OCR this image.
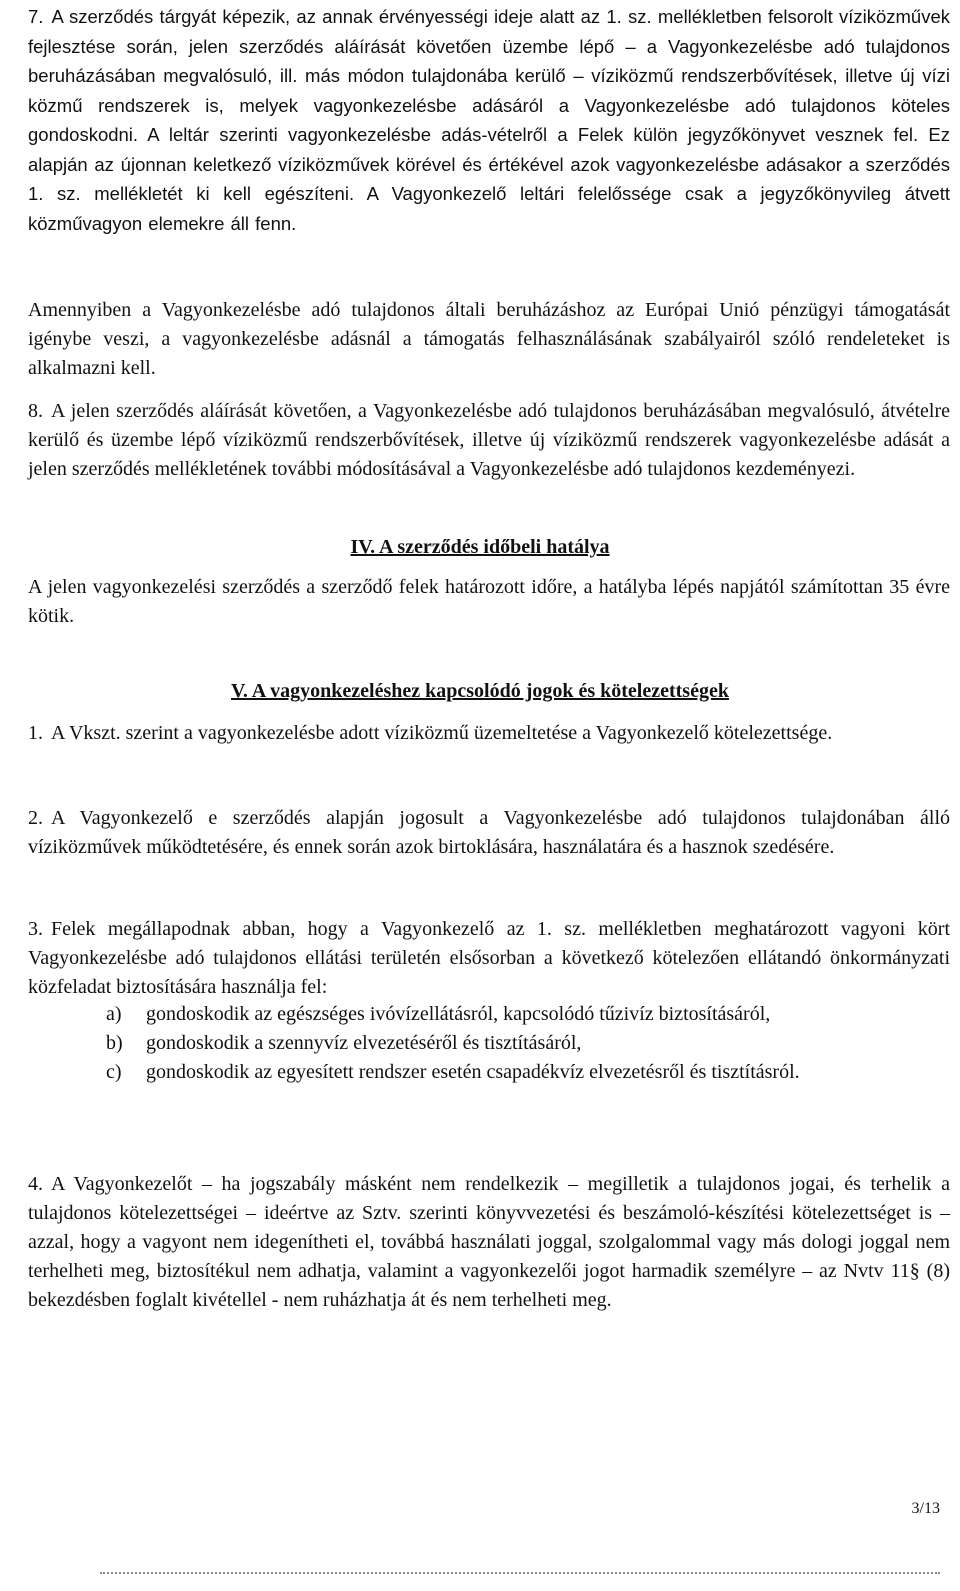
7. A szerződés tárgyát képezik, az annak érvényességi ideje alatt az 1. sz. mellékletben felsorolt víziközművek fejlesztése során, jelen szerződés aláírását követően üzembe lépő – a Vagyonkezelésbe adó tulajdonos beruházásában megvalósuló, ill. más módon tulajdonába kerülő – víziközmű rendszerbővítések, illetve új vízi közmű rendszerek is, melyek vagyonkezelésbe adásáról a Vagyonkezelésbe adó tulajdonos köteles gondoskodni. A leltár szerinti vagyonkezelésbe adás-vételről a Felek külön jegyzőkönyvet vesznek fel. Ez alapján az újonnan keletkező víziközművek körével és értékével azok vagyonkezelésbe adásakor a szerződés 1. sz. mellékletét ki kell egészíteni. A Vagyonkezelő leltári felelőssége csak a jegyzőkönyvileg átvett közművagyon elemekre áll fenn.

Amennyiben a Vagyonkezelésbe adó tulajdonos általi beruházáshoz az Európai Unió pénzügyi támogatását igénybe veszi, a vagyonkezelésbe adásnál a támogatás felhasználásának szabályairól szóló rendeleteket is alkalmazni kell.

8. A jelen szerződés aláírását követően, a Vagyonkezelésbe adó tulajdonos beruházásában megvalósuló, átvételre kerülő és üzembe lépő víziközmű rendszerbővítések, illetve új víziközmű rendszerek vagyonkezelésbe adását a jelen szerződés mellékletének további módosításával a Vagyonkezelésbe adó tulajdonos kezdeményezi.

IV. A szerződés időbeli hatálya

A jelen vagyonkezelési szerződés a szerződő felek határozott időre, a hatályba lépés napjától számítottan 35 évre kötik.

V. A vagyonkezeléshez kapcsolódó jogok és kötelezettségek

1. A Vkszt. szerint a vagyonkezelésbe adott víziközmű üzemeltetése a Vagyonkezelő kötelezettsége.

2. A Vagyonkezelő e szerződés alapján jogosult a Vagyonkezelésbe adó tulajdonos tulajdonában álló víziközművek működtetésére, és ennek során azok birtoklására, használatára és a hasznok szedésére.

3. Felek megállapodnak abban, hogy a Vagyonkezelő az 1. sz. mellékletben meghatározott vagyoni kört Vagyonkezelésbe adó tulajdonos ellátási területén elsősorban a következő kötelezően ellátandó önkormányzati közfeladat biztosítására használja fel:

a) gondoskodik az egészséges ivóvízellátásról, kapcsolódó tűzivíz biztosításáról,
b) gondoskodik a szennyvíz elvezetéséről és tisztításáról,
c) gondoskodik az egyesített rendszer esetén csapadékvíz elvezetésről és tisztításról.

4. A Vagyonkezelőt – ha jogszabály másként nem rendelkezik – megilletik a tulajdonos jogai, és terhelik a tulajdonos kötelezettségei – ideértve az Sztv. szerinti könyvvezetési és beszámoló-készítési kötelezettséget is – azzal, hogy a vagyont nem idegenítheti el, továbbá használati joggal, szolgalommal vagy más dologi joggal nem terhelheti meg, biztosítékul nem adhatja, valamint a vagyonkezelői jogot harmadik személyre – az Nvtv 11§ (8) bekezdésben foglalt kivétellel - nem ruházhatja át és nem terhelheti meg.

3/13
